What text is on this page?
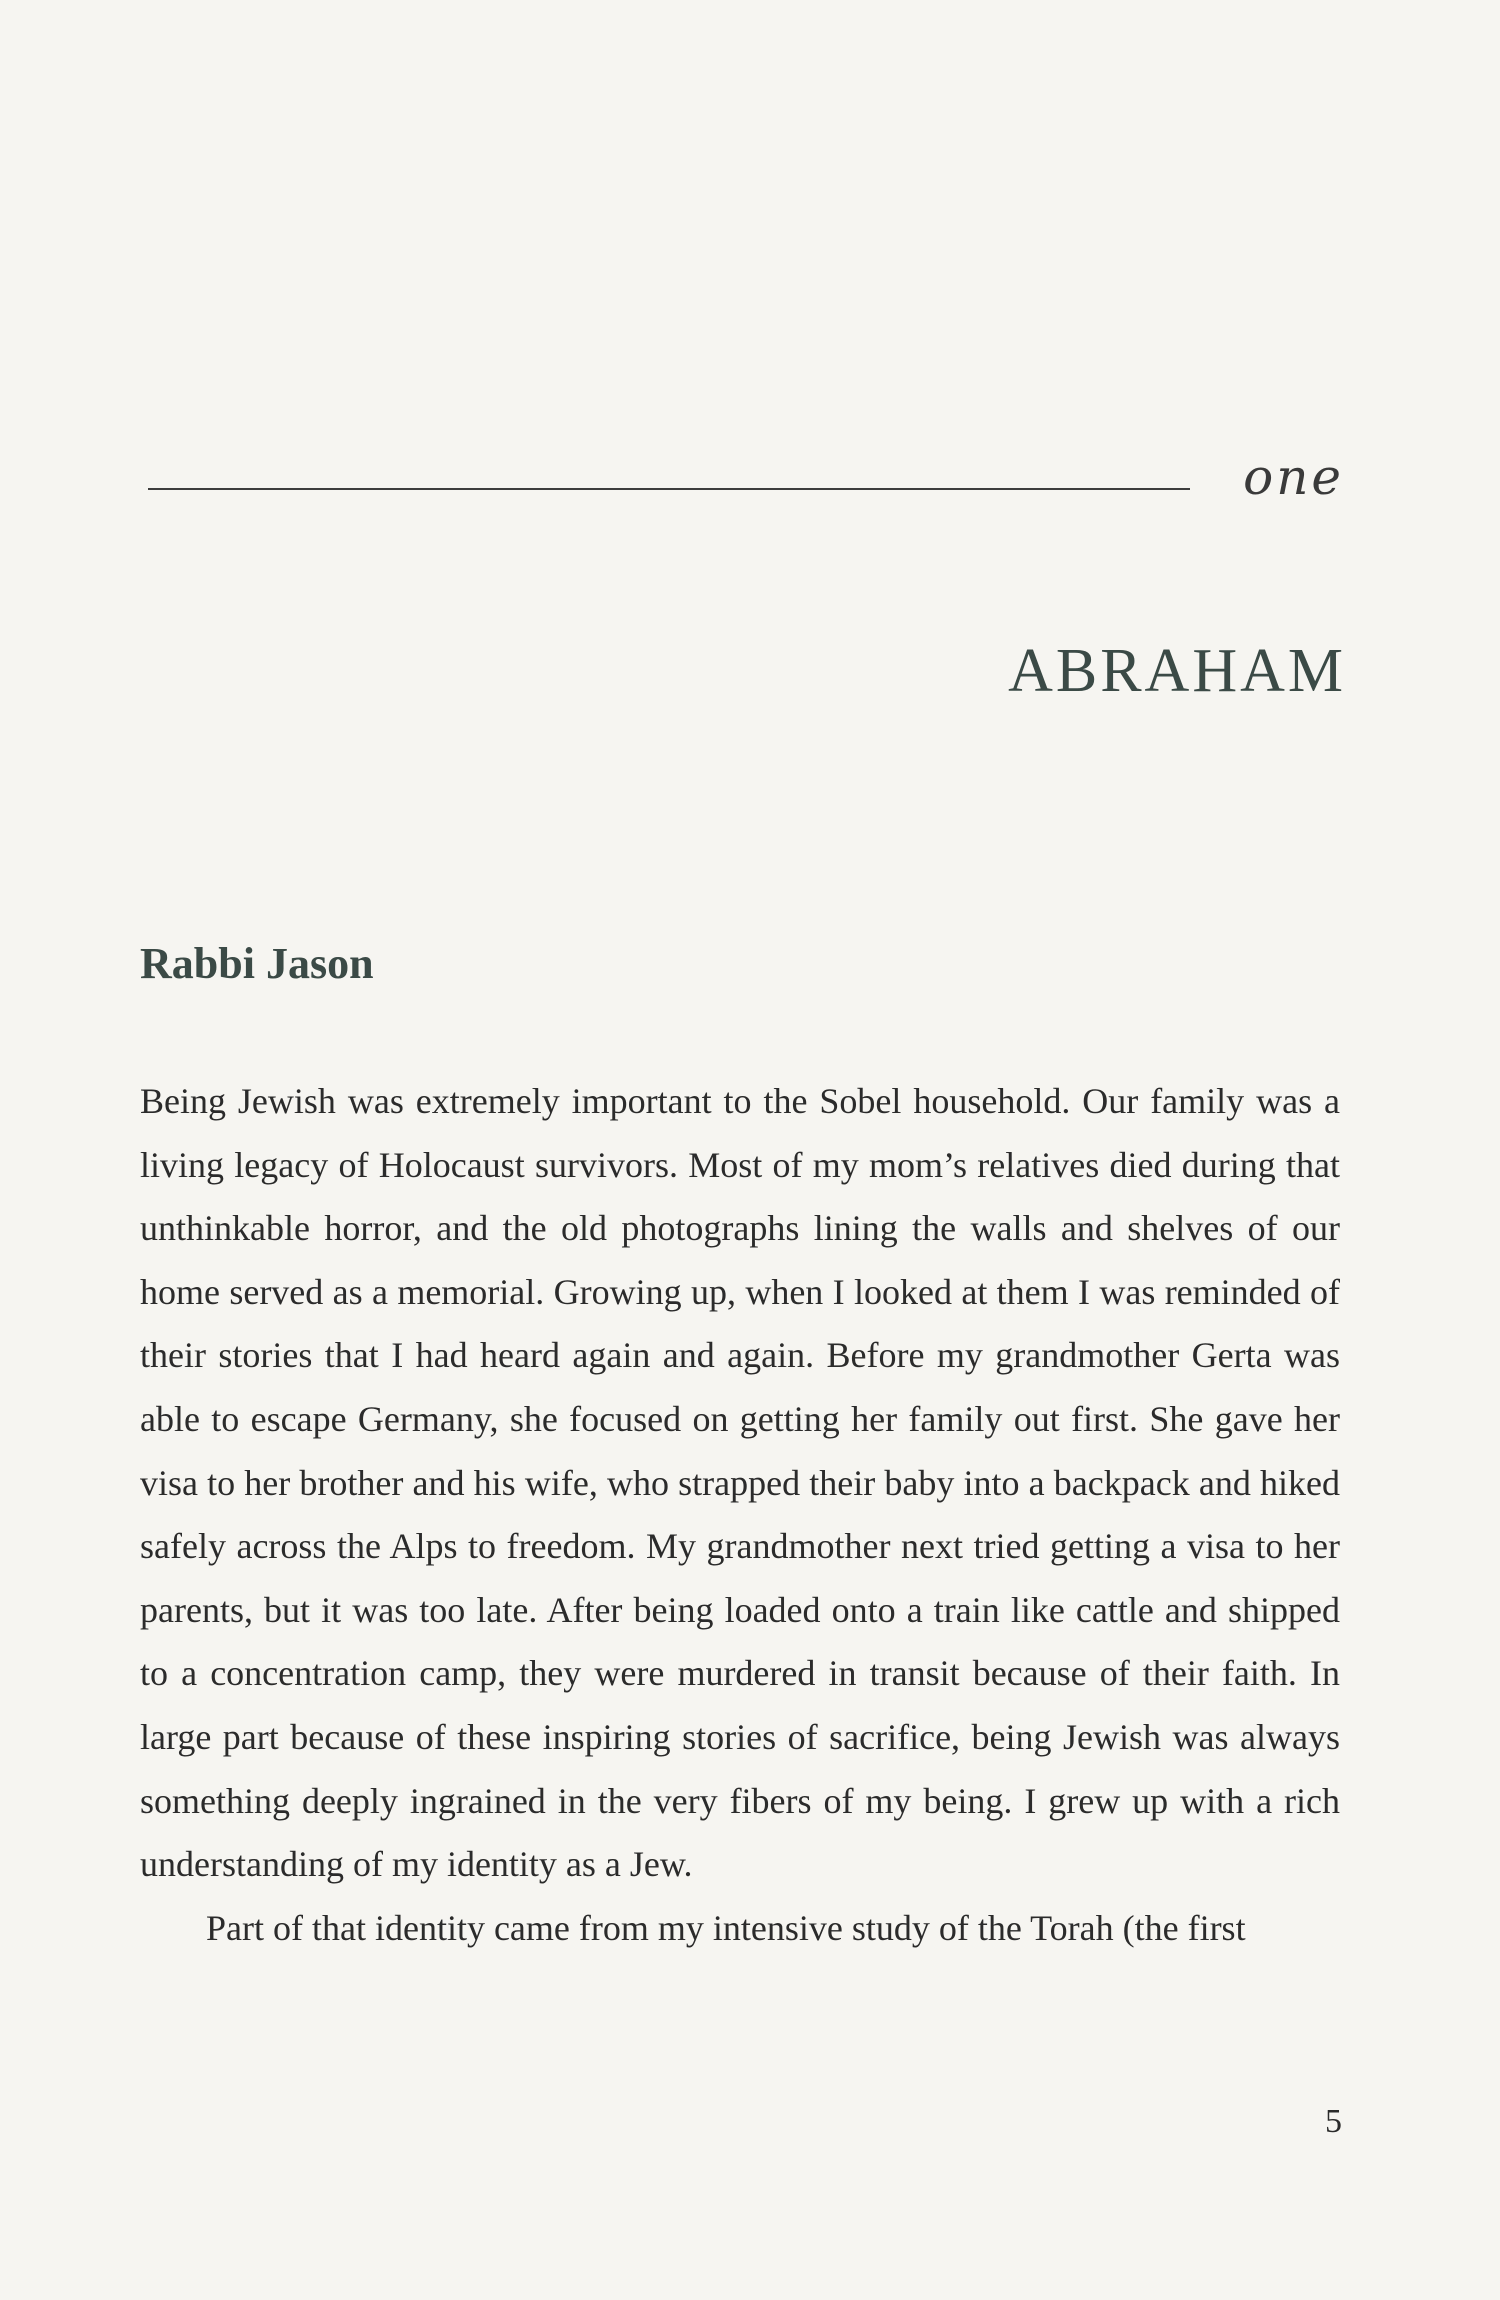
one
ABRAHAM
Rabbi Jason

Being Jewish was extremely important to the Sobel household. Our family was a living legacy of Holocaust survivors. Most of my mom’s relatives died during that unthinkable horror, and the old photographs lining the walls and shelves of our home served as a memorial. Growing up, when I looked at them I was reminded of their stories that I had heard again and again. Before my grandmother Gerta was able to escape Germany, she focused on getting her family out first. She gave her visa to her brother and his wife, who strapped their baby into a backpack and hiked safely across the Alps to freedom. My grandmother next tried getting a visa to her parents, but it was too late. After being loaded onto a train like cattle and shipped to a concentration camp, they were murdered in transit because of their faith. In large part because of these inspiring stories of sacrifice, being Jewish was always something deeply ingrained in the very fibers of my being. I grew up with a rich understanding of my identity as a Jew.

Part of that identity came from my intensive study of the Torah (the first

5
